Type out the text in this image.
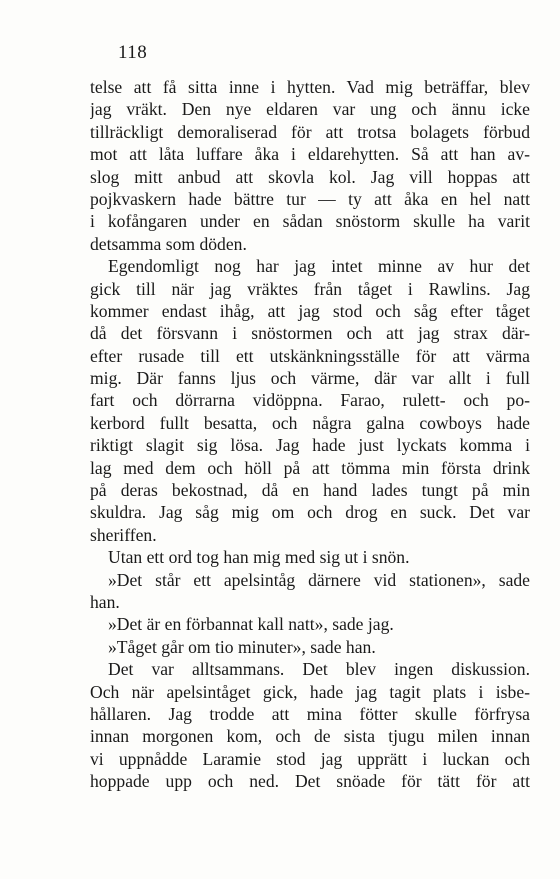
118
telse att få sitta inne i hytten. Vad mig beträffar, blev
jag vräkt. Den nye eldaren var ung och ännu icke
tillräckligt demoraliserad för att trotsa bolagets förbud
mot att låta luffare åka i eldarehytten. Så att han av-
slog mitt anbud att skovla kol. Jag vill hoppas att
pojkvaskern hade bättre tur — ty att åka en hel natt
i kofångaren under en sådan snöstorm skulle ha varit
detsamma som döden.
Egendomligt nog har jag intet minne av hur det
gick till när jag vräktes från tåget i Rawlins. Jag
kommer endast ihåg, att jag stod och såg efter tåget
då det försvann i snöstormen och att jag strax där-
efter rusade till ett utskänkningsställe för att värma
mig. Där fanns ljus och värme, där var allt i full
fart och dörrarna vidöppna. Farao, rulett- och po-
kerbord fullt besatta, och några galna cowboys hade
riktigt slagit sig lösa. Jag hade just lyckats komma i
lag med dem och höll på att tömma min första drink
på deras bekostnad, då en hand lades tungt på min
skuldra. Jag såg mig om och drog en suck. Det var
sheriffen.
Utan ett ord tog han mig med sig ut i snön.
»Det står ett apelsintåg därnere vid stationen», sade
han.
»Det är en förbannat kall natt», sade jag.
»Tåget går om tio minuter», sade han.
Det var alltsammans. Det blev ingen diskussion.
Och när apelsintåget gick, hade jag tagit plats i isbe-
hållaren. Jag trodde att mina fötter skulle förfrysa
innan morgonen kom, och de sista tjugu milen innan
vi uppnådde Laramie stod jag upprätt i luckan och
hoppade upp och ned. Det snöade för tätt för att
